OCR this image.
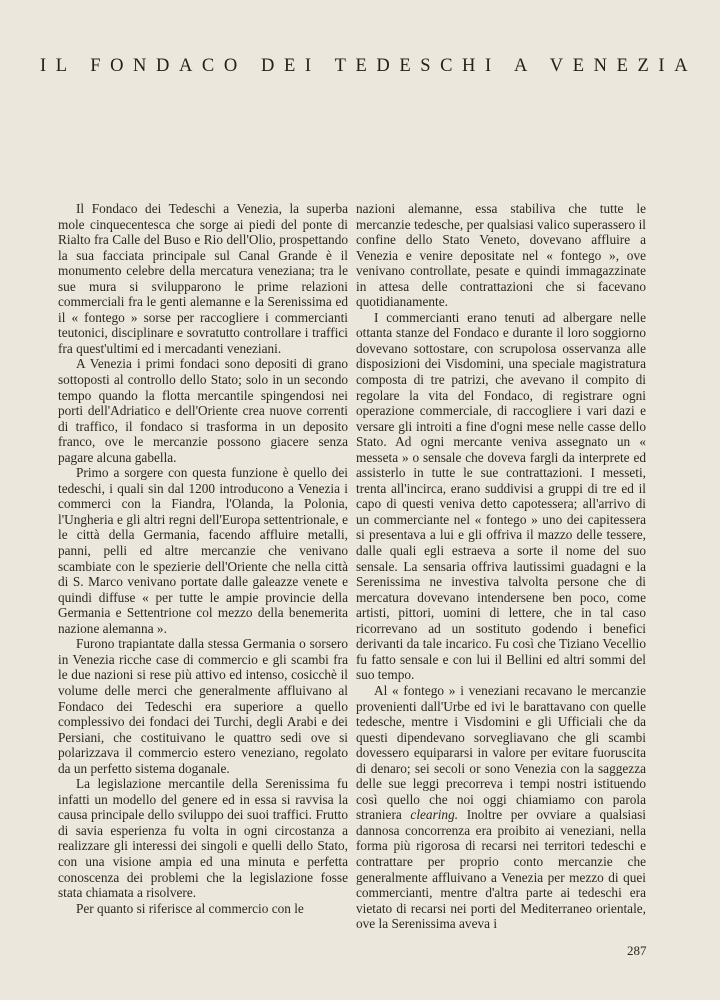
IL FONDACO DEI TEDESCHI A VENEZIA

Il Fondaco dei Tedeschi a Venezia, la superba mole cinquecentesca che sorge ai piedi del ponte di Rialto fra Calle del Buso e Rio dell'Olio, prospettando la sua facciata principale sul Canal Grande è il monumento celebre della mercatura veneziana; tra le sue mura si svilupparono le prime relazioni commerciali fra le genti alemanne e la Serenissima ed il « fontego » sorse per raccogliere i commercianti teutonici, disciplinare e sovratutto controllare i traffici fra quest'ultimi ed i mercadanti veneziani.

A Venezia i primi fondaci sono depositi di grano sottoposti al controllo dello Stato; solo in un secondo tempo quando la flotta mercantile spingendosi nei porti dell'Adriatico e dell'Oriente crea nuove correnti di traffico, il fondaco si trasforma in un deposito franco, ove le mercanzie possono giacere senza pagare alcuna gabella.

Primo a sorgere con questa funzione è quello dei tedeschi, i quali sin dal 1200 introducono a Venezia i commerci con la Fiandra, l'Olanda, la Polonia, l'Ungheria e gli altri regni dell'Europa settentrionale, e le città della Germania, facendo affluire metalli, panni, pelli ed altre mercanzie che venivano scambiate con le spezierie dell'Oriente che nella città di S. Marco venivano portate dalle galeazze venete e quindi diffuse « per tutte le ampie provincie della Germania e Settentrione col mezzo della benemerita nazione alemanna ».

Furono trapiantate dalla stessa Germania o sorsero in Venezia ricche case di commercio e gli scambi fra le due nazioni si rese più attivo ed intenso, cosicchè il volume delle merci che generalmente affluivano al Fondaco dei Tedeschi era superiore a quello complessivo dei fondaci dei Turchi, degli Arabi e dei Persiani, che costituivano le quattro sedi ove si polarizzava il commercio estero veneziano, regolato da un perfetto sistema doganale.

La legislazione mercantile della Serenissima fu infatti un modello del genere ed in essa si ravvisa la causa principale dello sviluppo dei suoi traffici. Frutto di savia esperienza fu volta in ogni circostanza a realizzare gli interessi dei singoli e quelli dello Stato, con una visione ampia ed una minuta e perfetta conoscenza dei problemi che la legislazione fosse stata chiamata a risolvere.

Per quanto si riferisce al commercio con le

nazioni alemanne, essa stabiliva che tutte le mercanzie tedesche, per qualsiasi valico superassero il confine dello Stato Veneto, dovevano affluire a Venezia e venire depositate nel « fontego », ove venivano controllate, pesate e quindi immagazzinate in attesa delle contrattazioni che si facevano quotidianamente.

I commercianti erano tenuti ad albergare nelle ottanta stanze del Fondaco e durante il loro soggiorno dovevano sottostare, con scrupolosa osservanza alle disposizioni dei Visdomini, una speciale magistratura composta di tre patrizi, che avevano il compito di regolare la vita del Fondaco, di registrare ogni operazione commerciale, di raccogliere i vari dazi e versare gli introiti a fine d'ogni mese nelle casse dello Stato. Ad ogni mercante veniva assegnato un « messeta » o sensale che doveva fargli da interprete ed assisterlo in tutte le sue contrattazioni. I messeti, trenta all'incirca, erano suddivisi a gruppi di tre ed il capo di questi veniva detto capotessera; all'arrivo di un commerciante nel « fontego » uno dei capitessera si presentava a lui e gli offriva il mazzo delle tessere, dalle quali egli estraeva a sorte il nome del suo sensale. La sensaria offriva lautissimi guadagni e la Serenissima ne investiva talvolta persone che di mercatura dovevano intendersene ben poco, come artisti, pittori, uomini di lettere, che in tal caso ricorrevano ad un sostituto godendo i benefici derivanti da tale incarico. Fu così che Tiziano Vecellio fu fatto sensale e con lui il Bellini ed altri sommi del suo tempo.

Al « fontego » i veneziani recavano le mercanzie provenienti dall'Urbe ed ivi le barattavano con quelle tedesche, mentre i Visdomini e gli Ufficiali che da questi dipendevano sorvegliavano che gli scambi dovessero equipararsi in valore per evitare fuoruscita di denaro; sei secoli or sono Venezia con la saggezza delle sue leggi precorreva i tempi nostri istituendo così quello che noi oggi chiamiamo con parola straniera clearing. Inoltre per ovviare a qualsiasi dannosa concorrenza era proibito ai veneziani, nella forma più rigorosa di recarsi nei territori tedeschi e contrattare per proprio conto mercanzie che generalmente affluivano a Venezia per mezzo di quei commercianti, mentre d'altra parte ai tedeschi era vietato di recarsi nei porti del Mediterraneo orientale, ove la Serenissima aveva i

287
